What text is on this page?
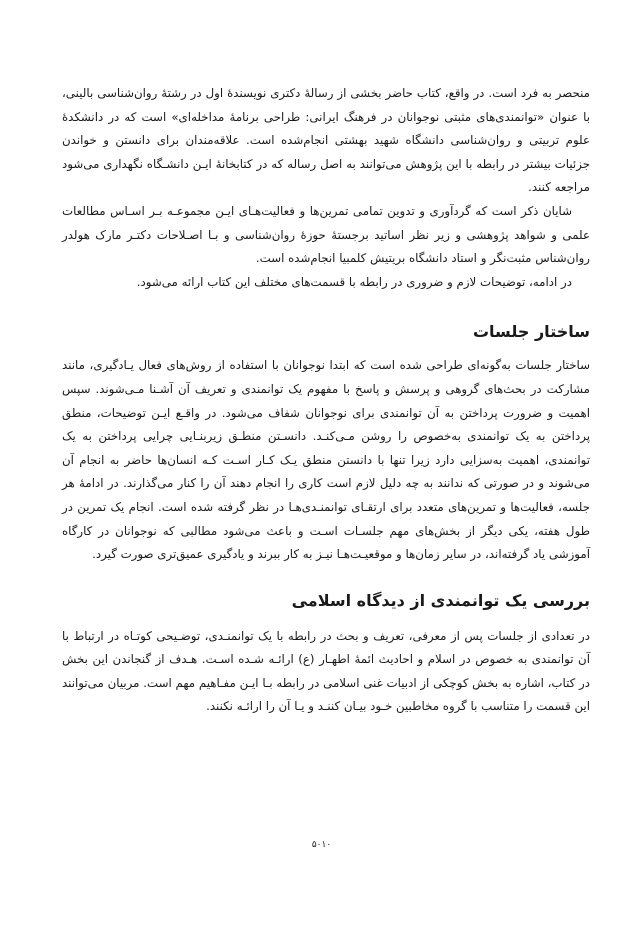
منحصر به فرد است. در واقع، کتاب حاضر بخشی از رسالهٔ دکتری نویسندهٔ اول در رشتهٔ روان‌شناسی بالینی، با عنوان «توانمندی‌های مثبتی نوجوانان در فرهنگ ایرانی: طراحی برنامهٔ مداخله‌ای» است که در دانشکدهٔ علوم تربیتی و روان‌شناسی دانشگاه شهید بهشتی انجام‌شده است. علاقه‌مندان برای دانستن و خواندن جزئیات بیشتر در رابطه با این پژوهش می‌توانند به اصل رساله که در کتابخانهٔ ایـن دانشـگاه نگهداری می‌شود مراجعه کنند.

شایان ذکر است که گردآوری و تدوین تمامی تمرین‌ها و فعالیت‌هـای ایـن مجموعـه بـر اسـاس مطالعات علمی و شواهد پژوهشی و زیر نظر اساتید برجستهٔ حوزهٔ روان‌شناسی و بـا اصـلاحات دکتـر مارک هولدر روان‌شناس مثبت‌نگر و استاد دانشگاه بریتیش کلمبیا انجام‌شده است.

در ادامه، توضیحات لازم و ضروری در رابطه با قسمت‌های مختلف این کتاب ارائه می‌شود.

ساختار جلسات

ساختار جلسات به‌گونه‌ای طراحی شده است که ابتدا نوجوانان با استفاده از روش‌های فعال یـادگیری، مانند مشارکت در بحث‌های گروهی و پرسش و پاسخ با مفهوم یک توانمندی و تعریف آن آشـنا مـی‌شوند. سپس اهمیت و ضرورت پرداختن به آن توانمندی برای نوجوانان شفاف می‌شود. در واقـع ایـن توضیحات، منطق پرداختن به یک توانمندی به‌خصوص را روشن مـی‌کنـد. دانسـتن منطـق زیربنـایی چرایی پرداختن به یک توانمندی، اهمیت به‌سزایی دارد زیرا تنها با دانستن منطق یـک کـار اسـت کـه انسان‌ها حاضر به انجام آن می‌شوند و در صورتی که ندانند به چه دلیل لازم است کاری را انجام دهند آن را کنار می‌گذارند. در ادامهٔ هر جلسه، فعالیت‌ها و تمرین‌های متعدد برای ارتقـای توانمنـدی‌هـا در نظر گرفته شده است. انجام یک تمرین در طول هفته، یکی دیگر از بخش‌های مهم جلسـات اسـت و باعث می‌شود مطالبی که نوجوانان در کارگاه آموزشی یاد گرفته‌اند، در سایر زمان‌ها و موقعیـت‌هـا نیـز به کار ببرند و یادگیری عمیق‌تری صورت گیرد.

بررسی یک توانمندی از دیدگاه اسلامی

در تعدادی از جلسات پس از معرفی، تعریف و بحث در رابطه با یک توانمنـدی، توضـیحی کوتـاه در ارتباط با آن توانمندی به خصوص در اسلام و احادیث ائمهٔ اطهـار (ع) ارائـه شـده اسـت. هـدف از گنجاندن این بخش در کتاب، اشاره به بخش کوچکی از ادبیات غنی اسلامی در رابطه بـا ایـن مفـاهیم مهم است. مربیان می‌توانند این قسمت را متناسب با گروه مخاطبین خـود بیـان کننـد و یـا آن را ارائـه نکنند.

۵۰۱۰
